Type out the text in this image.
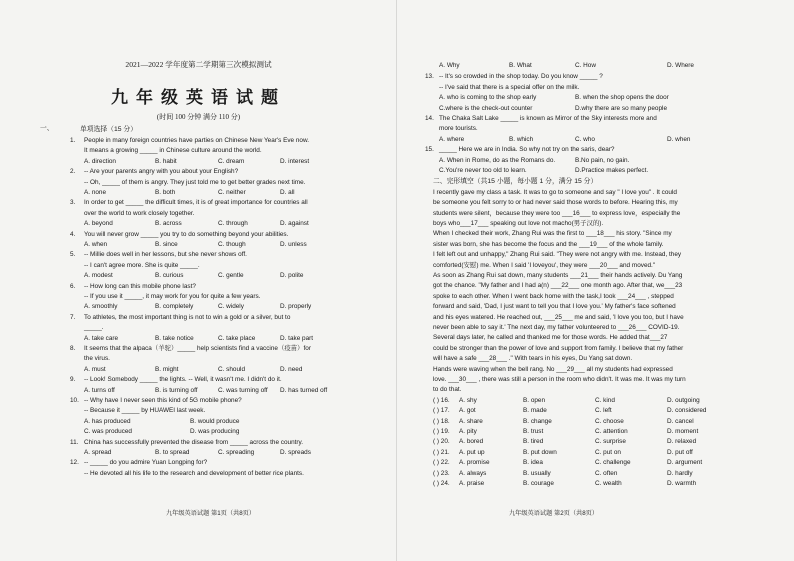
2021—2022 学年度第二学期第三次模拟测试
九年级英语试题
(时间 100 分钟 满分 110 分)
一、	单项选择（15 分）
1. People in many foreign countries have parties on Chinese New Year's Eve now.
It means a growing _____ in Chinese culture around the world.
A. direction	B. habit	C. dream	D. interest
2. -- Are your parents angry with you about your English?
-- Oh, _____ of them is angry. They just told me to get better grades next time.
A. none	B. both	C. neither	D. all
3. In order to get _____ the difficult times, it is of great importance for countries all
over the world to work closely together.
A. beyond	B. across	C. through	D. against
4. You will never grow _____ you try to do something beyond your abilities.
A. when	B. since	C. though	D. unless
5. -- Millie does well in her lessons, but she never shows off.
-- I can't agree more. She is quite _____.
A. modest	B. curious	C. gentle	D. polite
6. -- How long can this mobile phone last?
-- If you use it _____, it may work for you for quite a few years.
A. smoothly	B. completely	C. widely	D. properly
7. To athletes, the most important thing is not to win a gold or a silver, but to
_____.
A. take care	B. take notice	C. take place	D. take part
8. It seems that the alpaca（羊驼）_____ help scientists find a vaccine（疫苗）for
the virus.
A. must	B. might	C. should	D. need
9. -- Look! Somebody _____ the lights. -- Well, it wasn't me. I didn't do it.
A. turns off	B. is turning off	C. was turning off D. has turned off
10. -- Why have I never seen this kind of 5G mobile phone?
-- Because it _____ by HUAWEI last week.
A. has produced	B. would produce
C. was produced	D. was producing
11. China has successfully prevented the disease from _____ across the country.
A. spread	B. to spread	C. spreading	D. spreads
12. -- _____ do you admire Yuan Longping for?
-- He devoted all his life to the research and development of better rice plants.
九年级英语试题 第1页（共8页）
A. Why	B. What	C. How	D. Where
13. -- It's so crowded in the shop today. Do you know _____ ?
-- I've said that there is a special offer on the milk.
A. who is coming to the shop early	B. when the shop opens the door
C.where is the check-out counter	D.why there are so many people
14. The Chaka Salt Lake _____ is known as Mirror of the Sky interests more and
more tourists.
A. where	B. which	C. who	D. when
15. _____ Here we are in India. So why not try on the saris, dear?
A. When in Rome, do as the Romans do.	B.No pain, no gain.
C.You're never too old to learn.	D.Practice makes perfect.
二、完形填空（共15 小题，每小题 1 分，满分 15 分）
I recently gave my class a task. It was to go to someone and say " I love you" . It could
be someone you felt sorry to or had never said those words to before. Hearing this, my
students were silent，because they were too ___16___ to express love，especially the
boys who___17___ speaking out love not macho(男子汉的).
When I checked their work, Zhang Rui was the first to ___18___ his story. "Since my
sister was born, she has become the focus and the ___19___ of the whole family.
I felt left out and unhappy," Zhang Rui said. "They were not angry with me. Instead, they
comforted(安慰) me. When I said 'I loveyou', they were ___20___ and moved."
As soon as Zhang Rui sat down, many students ___21___ their hands actively. Du Yang
got the chance. "My father and I had a(n) ___22___ one month ago. After that, we___23
spoke to each other. When I went back home with the task,I took ___24___ , stepped
forward and said, 'Dad, I just want to tell you that I love you.' My father's face softened
and his eyes watered. He reached out, ___25___ me and said, 'I love you too, but I have
never been able to say it.' The next day, my father volunteered to ___26___ COVID-19.
Several days later, he called and thanked me for those words. He added that___27
could be stronger than the power of love and support from family. I believe that my father
will have a safe ___28___ ." With tears in his eyes, Du Yang sat down.
Hands were waving when the bell rang. No ___29___ all my students had expressed
love. ___30___ , there was still a person in the room who didn't. It was me. It was my turn
to do that.
( ) 16. A. shy	B. open	C. kind	D. outgoing
( ) 17. A. got	B. made	C. left	D. considered
( ) 18. A. share	B. change	C. choose	D. cancel
( ) 19. A. pity	B. trust	C. attention	D. moment
( ) 20. A. bored	B. tired	C. surprise	D. relaxed
( ) 21. A. put up	B. put down	C. put on	D. put off
( ) 22. A. promise	B. idea	C. challenge	D. argument
( ) 23. A. always	B. usually	C. often	D. hardly
( ) 24. A. praise	B. courage	C. wealth	D. warmth
九年级英语试题 第2页（共8页）
